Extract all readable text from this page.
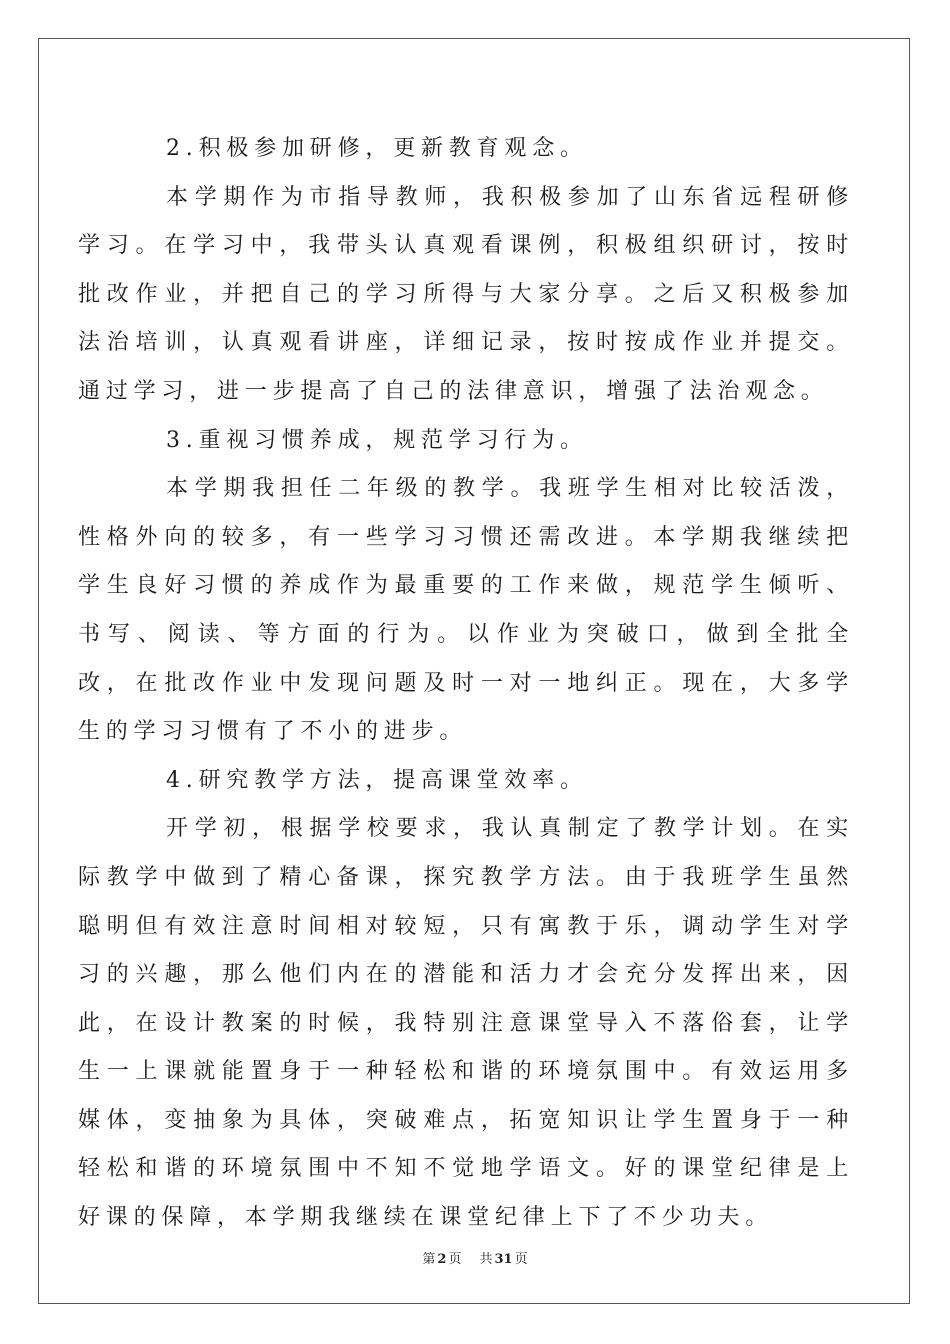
2.积极参加研修，更新教育观念。

本学期作为市指导教师，我积极参加了山东省远程研修学习。在学习中，我带头认真观看课例，积极组织研讨，按时批改作业，并把自己的学习所得与大家分享。之后又积极参加法治培训，认真观看讲座，详细记录，按时按成作业并提交。通过学习，进一步提高了自己的法律意识，增强了法治观念。

3.重视习惯养成，规范学习行为。

本学期我担任二年级的教学。我班学生相对比较活泼，性格外向的较多，有一些学习习惯还需改进。本学期我继续把学生良好习惯的养成作为最重要的工作来做，规范学生倾听、书写、阅读、等方面的行为。以作业为突破口，做到全批全改，在批改作业中发现问题及时一对一地纠正。现在，大多学生的学习习惯有了不小的进步。

4.研究教学方法，提高课堂效率。

开学初，根据学校要求，我认真制定了教学计划。在实际教学中做到了精心备课，探究教学方法。由于我班学生虽然聪明但有效注意时间相对较短，只有寓教于乐，调动学生对学习的兴趣，那么他们内在的潜能和活力才会充分发挥出来，因此，在设计教案的时候，我特别注意课堂导入不落俗套，让学生一上课就能置身于一种轻松和谐的环境氛围中。有效运用多媒体，变抽象为具体，突破难点，拓宽知识让学生置身于一种轻松和谐的环境氛围中不知不觉地学语文。好的课堂纪律是上好课的保障，本学期我继续在课堂纪律上下了不少功夫。

第 2 页 共 31 页
